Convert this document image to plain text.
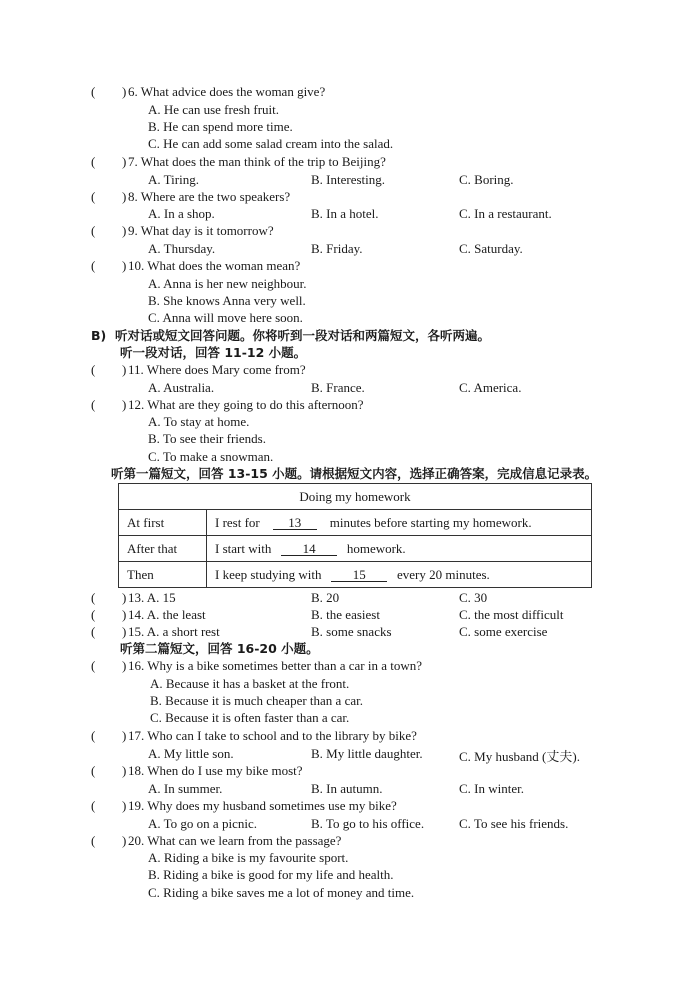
( ) 6. What advice does the woman give?
A. He can use fresh fruit.
B. He can spend more time.
C. He can add some salad cream into the salad.
( ) 7. What does the man think of the trip to Beijing?
A. Tiring.	B. Interesting.	C. Boring.
( ) 8. Where are the two speakers?
A. In a shop.	B. In a hotel.	C. In a restaurant.
( ) 9. What day is it tomorrow?
A. Thursday.	B. Friday.	C. Saturday.
( ) 10. What does the woman mean?
A. Anna is her new neighbour.
B. She knows Anna very well.
C. Anna will move here soon.
B) 听对话或短文回答问题。你将听到一段对话和两篇短文，各听两遍。
听一段对话，回答 11-12 小题。
( ) 11. Where does Mary come from?
A. Australia.	B. France.	C. America.
( ) 12. What are they going to do this afternoon?
A. To stay at home.
B. To see their friends.
C. To make a snowman.
听第一篇短文，回答 13-15 小题。请根据短文内容，选择正确答案，完成信息记录表。
Doing my homework	
At first	I rest for 13 minutes before starting my homework.
After that	I start with 14 homework.
Then	I keep studying with 15 every 20 minutes.
( ) 13. A. 15	B. 20	C. 30
( ) 14. A. the least	B. the easiest	C. the most difficult
( ) 15. A. a short rest	B. some snacks	C. some exercise
听第二篇短文，回答 16-20 小题。
( ) 16. Why is a bike sometimes better than a car in a town?
A. Because it has a basket at the front.
B. Because it is much cheaper than a car.
C. Because it is often faster than a car.
( ) 17. Who can I take to school and to the library by bike?
A. My little son.	B. My little daughter.	C. My husband (丈夫).
( ) 18. When do I use my bike most?
A. In summer.	B. In autumn.	C. In winter.
( ) 19. Why does my husband sometimes use my bike?
A. To go on a picnic.	B. To go to his office.	C. To see his friends.
( ) 20. What can we learn from the passage?
A. Riding a bike is my favourite sport.
B. Riding a bike is good for my life and health.
C. Riding a bike saves me a lot of money and time.
